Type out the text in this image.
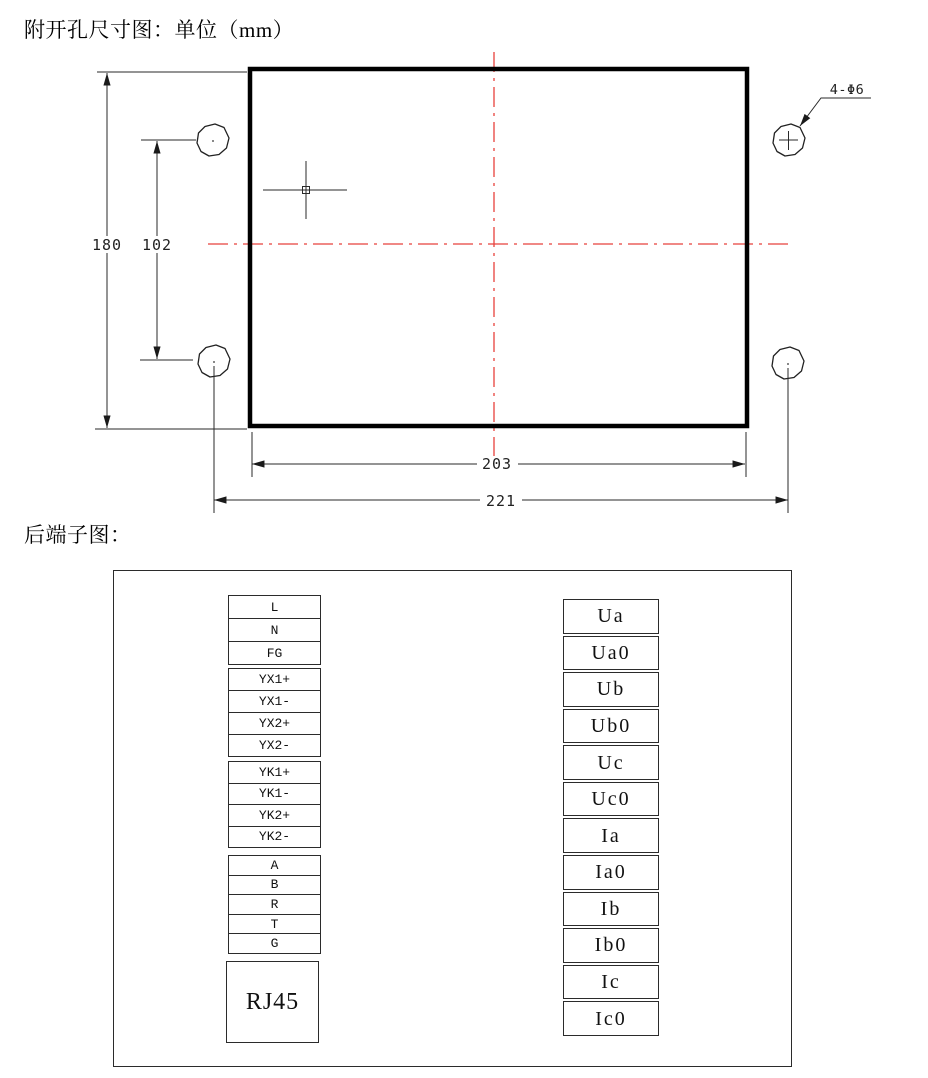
附开孔尺寸图：单位（mm）
180 102
203
221
4-Φ6
后端子图：
L
N
FG
YX1+
YX1-
YX2+
YX2-
YK1+
YK1-
YK2+
YK2-
A
B
R
T
G
RJ45
Ua
Ua0
Ub
Ub0
Uc
Uc0
Ia
Ia0
Ib
Ib0
Ic
Ic0
